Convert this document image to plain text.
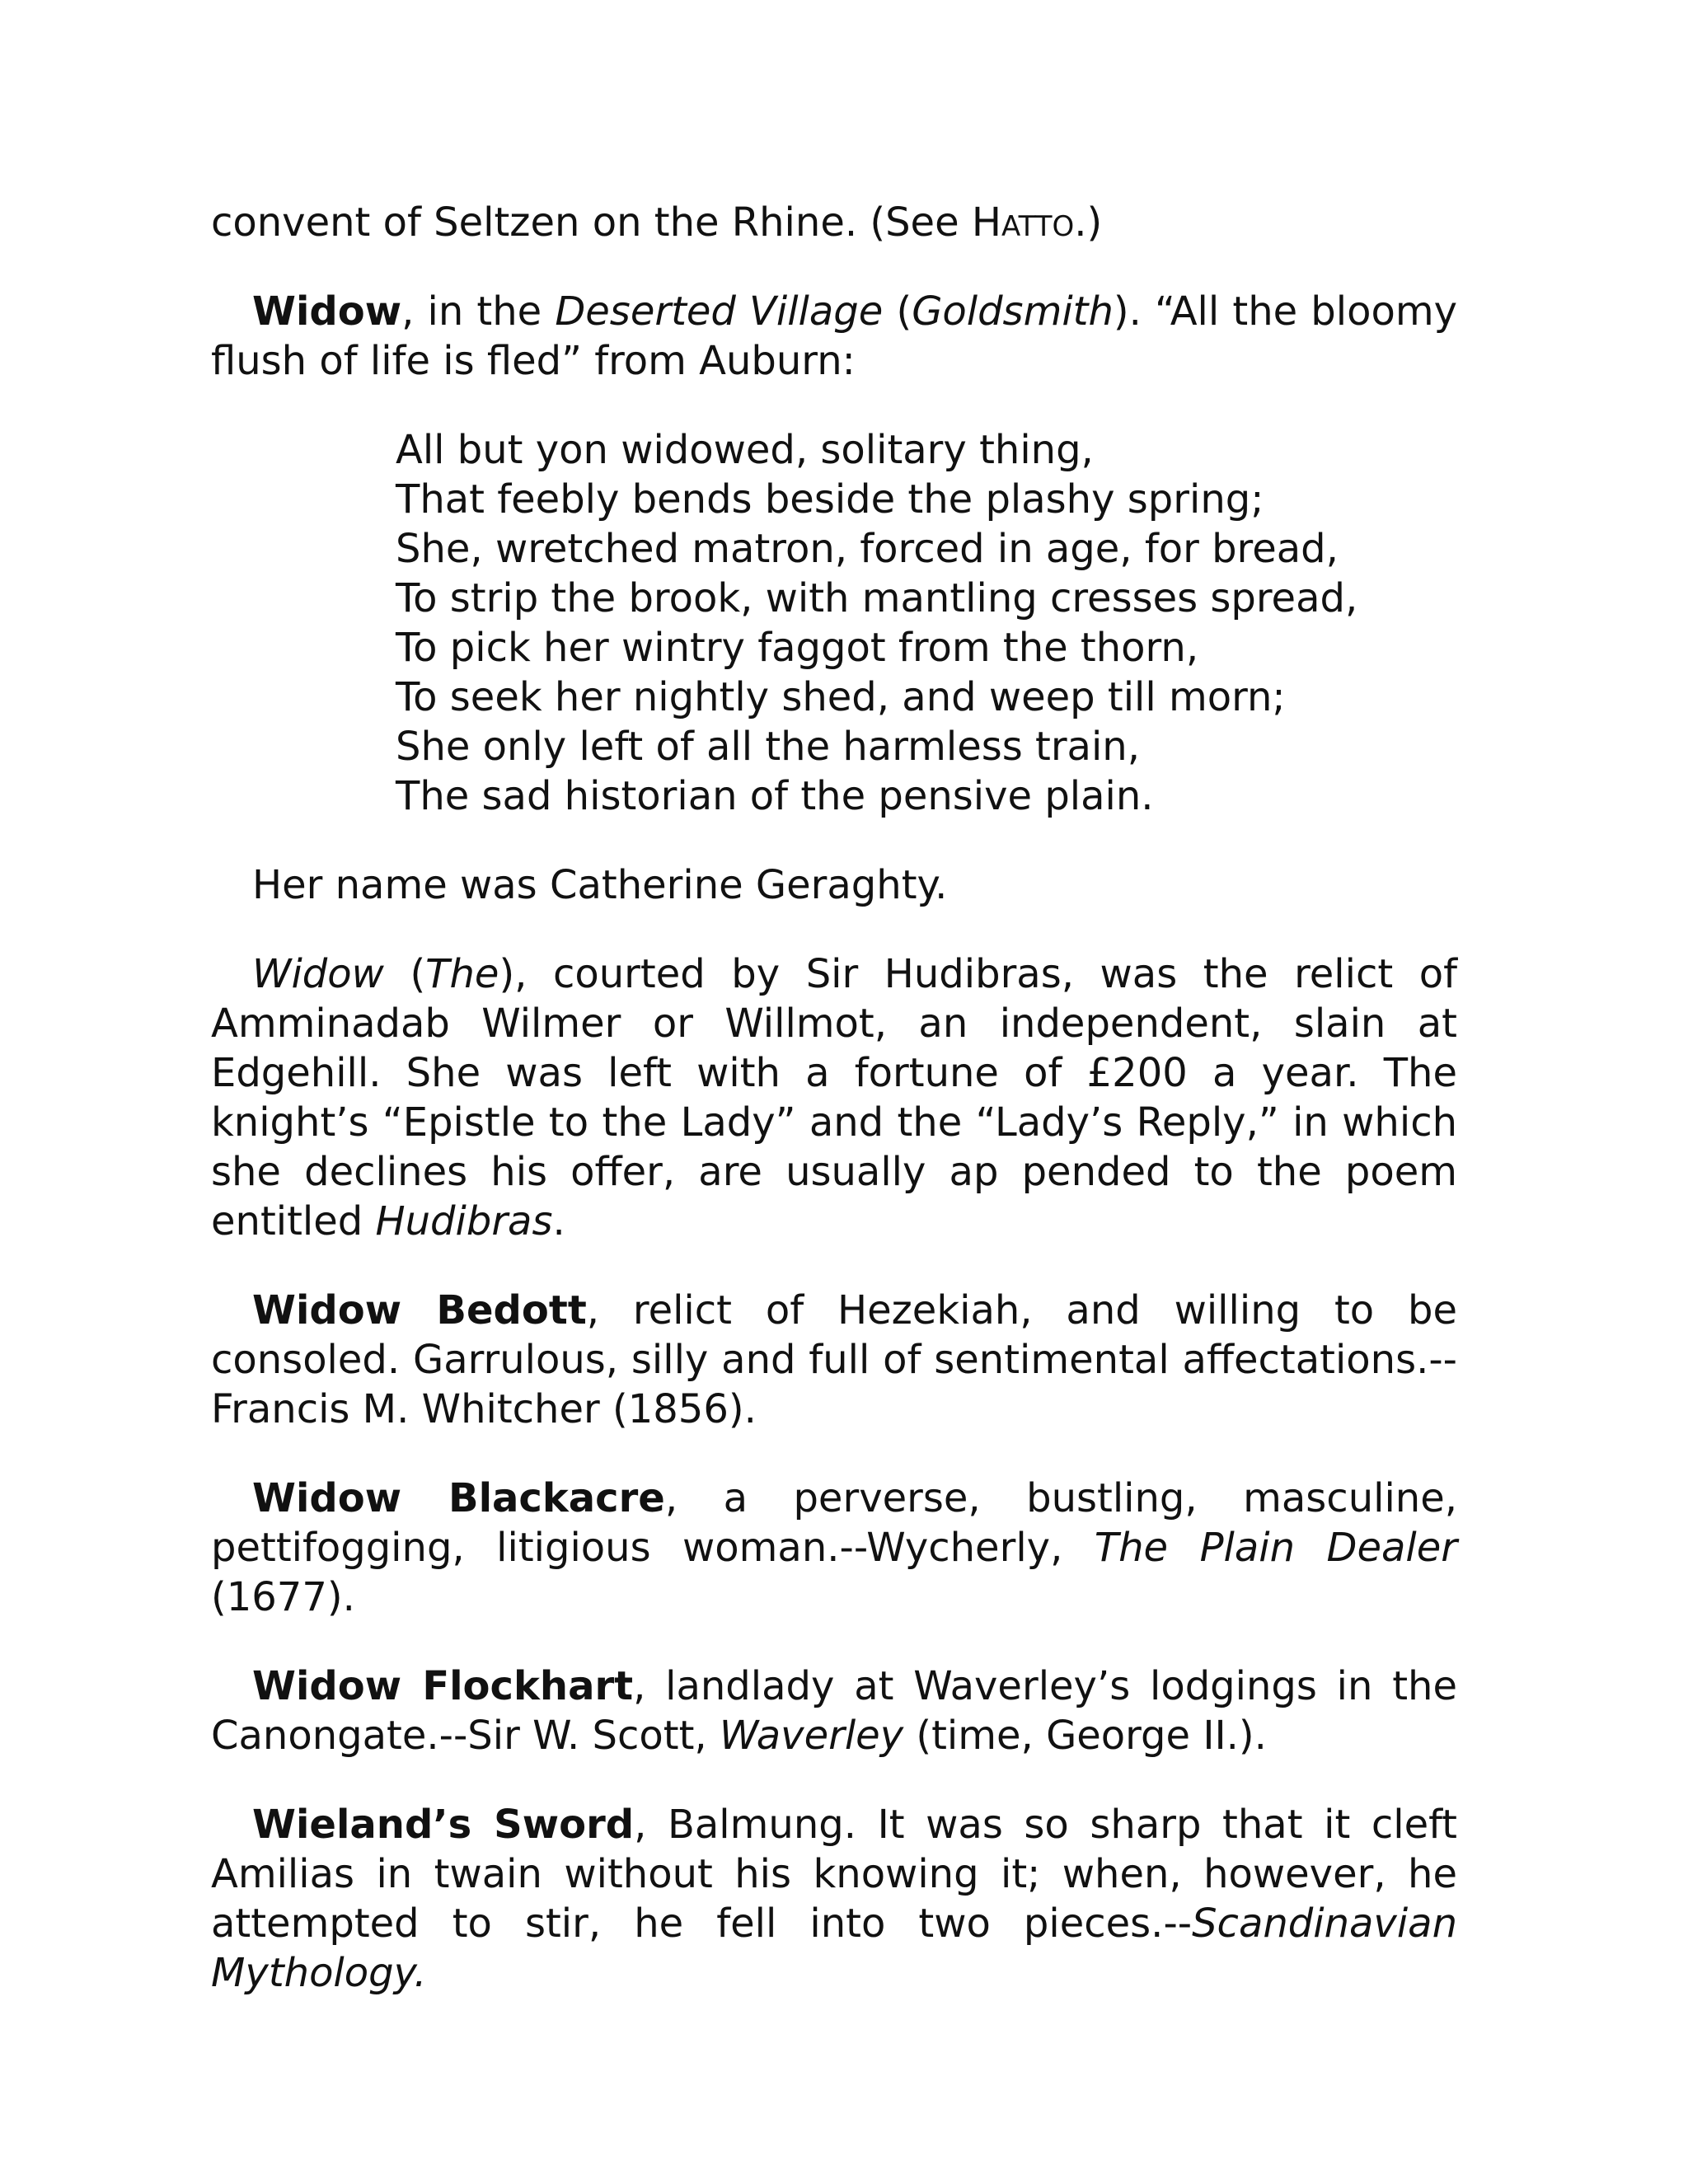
convent of Seltzen on the Rhine. (See Hatto.)

Widow, in the Deserted Village (Goldsmith). “All the bloomy flush of life is fled” from Auburn:

All but yon widowed, solitary thing,
That feebly bends beside the plashy spring;
She, wretched matron, forced in age, for bread,
To strip the brook, with mantling cresses spread,
To pick her wintry faggot from the thorn,
To seek her nightly shed, and weep till morn;
She only left of all the harmless train,
The sad historian of the pensive plain.

Her name was Catherine Geraghty.

Widow (The), courted by Sir Hudibras, was the relict of Amminadab Wilmer or Willmot, an independent, slain at Edgehill. She was left with a fortune of £200 a year. The knight’s “Epistle to the Lady” and the “Lady’s Reply,” in which she declines his offer, are usually ap pended to the poem entitled Hudibras.

Widow Bedott, relict of Hezekiah, and willing to be consoled. Garrulous, silly and full of sentimental affectations.--Francis M. Whitcher (1856).

Widow Blackacre, a perverse, bustling, masculine, pettifogging, litigious woman.--Wycherly, The Plain Dealer (1677).

Widow Flockhart, landlady at Waverley’s lodgings in the Canongate.--Sir W. Scott, Waverley (time, George II.).

Wieland’s Sword, Balmung. It was so sharp that it cleft Amilias in twain without his knowing it; when, however, he attempted to stir, he fell into two pieces.--Scandinavian Mythology.
